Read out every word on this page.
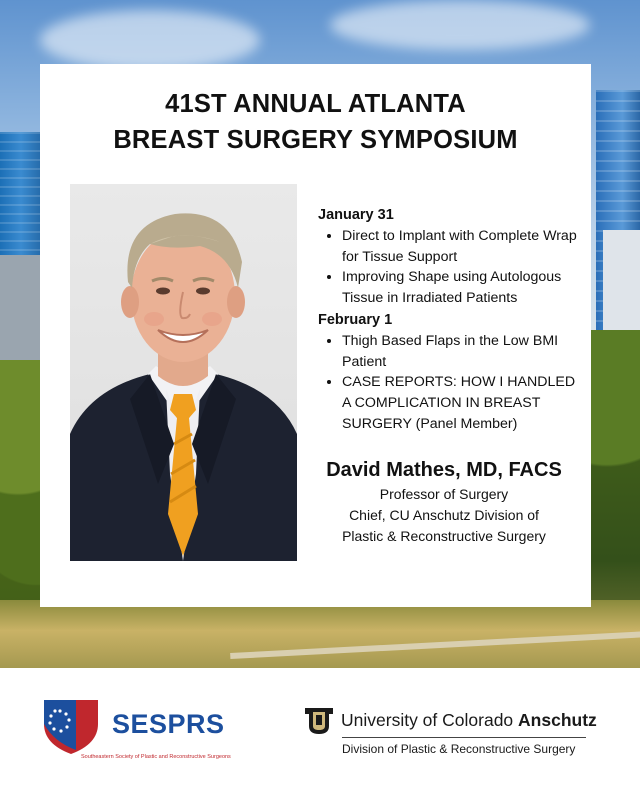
41ST ANNUAL ATLANTA
BREAST SURGERY SYMPOSIUM
January 31
• Direct to Implant with Complete Wrap for Tissue Support
• Improving Shape using Autologous Tissue in Irradiated Patients
February 1
• Thigh Based Flaps in the Low BMI Patient
• CASE REPORTS: HOW I HANDLED A COMPLICATION IN BREAST SURGERY (Panel Member)
David Mathes, MD, FACS
Professor of Surgery
Chief, CU Anschutz Division of
Plastic & Reconstructive Surgery
SESPRS
Southeastern Society of Plastic and Reconstructive Surgeons
University of Colorado Anschutz
Division of Plastic & Reconstructive Surgery
